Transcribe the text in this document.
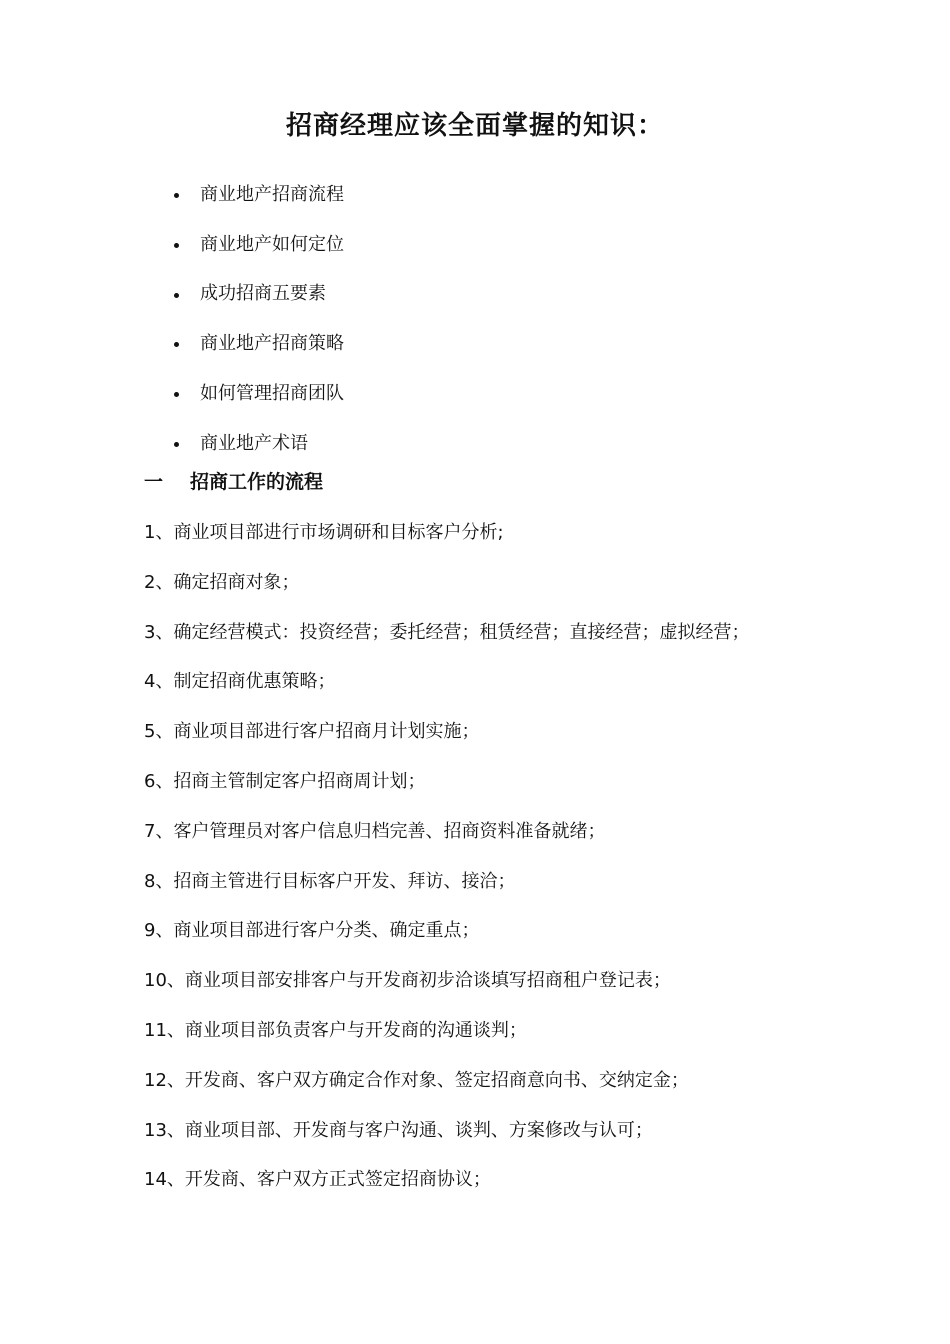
招商经理应该全面掌握的知识：
商业地产招商流程
商业地产如何定位
成功招商五要素
商业地产招商策略
如何管理招商团队
商业地产术语
一	招商工作的流程
1、商业项目部进行市场调研和目标客户分析;
2、确定招商对象；
3、确定经营模式：投资经营；委托经营；租赁经营；直接经营；虚拟经营；
4、制定招商优惠策略；
5、商业项目部进行客户招商月计划实施；
6、招商主管制定客户招商周计划；
7、客户管理员对客户信息归档完善、招商资料准备就绪；
8、招商主管进行目标客户开发、拜访、接洽；
9、商业项目部进行客户分类、确定重点；
10、商业项目部安排客户与开发商初步洽谈填写招商租户登记表；
11、商业项目部负责客户与开发商的沟通谈判；
12、开发商、客户双方确定合作对象、签定招商意向书、交纳定金；
13、商业项目部、开发商与客户沟通、谈判、方案修改与认可；
14、开发商、客户双方正式签定招商协议；
